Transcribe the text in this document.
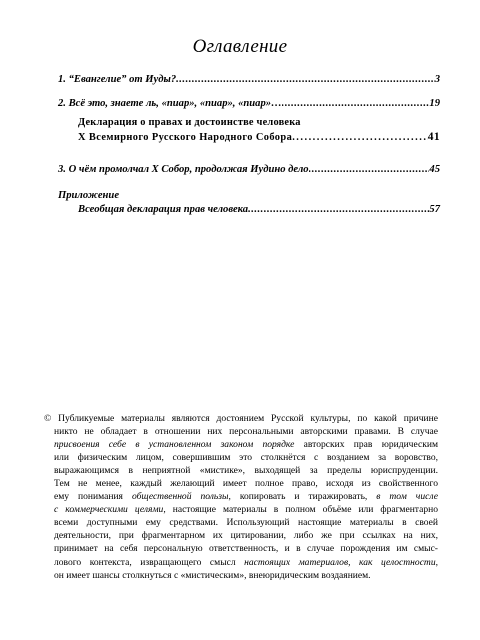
Оглавление
1. “Евангелие” от Иуды? .....	3
2. Всё это, знаете ль, «пиар», «пиар», «пиар»… .....	19
Декларация о правах и достоинстве человека
Х Всемирного Русского Народного Собора .....	41
3. О чём промолчал Х Собор, продолжая Иудино дело .....	45
Приложение
Всеобщая декларация прав человека .....	57
© Публикуемые материалы являются достоянием Русской культуры, по какой причине
никто не обладает в отношении них персональными авторскими правами. В случае
присвоения себе в установленном законом порядке авторских прав юридическим
или физическим лицом, совершившим это столкнётся с возданием за воровство,
выражающимся в неприятной «мистике», выходящей за пределы юриспруденции.
Тем не менее, каждый желающий имеет полное право, исходя из свойственного
ему понимания общественной пользы, копировать и тиражировать, в том числе
с коммерческими целями, настоящие материалы в полном объёме или фрагментарно
всеми доступными ему средствами. Использующий настоящие материалы в своей
деятельности, при фрагментарном их цитировании, либо же при ссылках на них,
принимает на себя персональную ответственность, и в случае порождения им смыс-
лового контекста, извращающего смысл настоящих материалов, как целостности,
он имеет шансы столкнуться с «мистическим», внеюридическим воздаянием.
